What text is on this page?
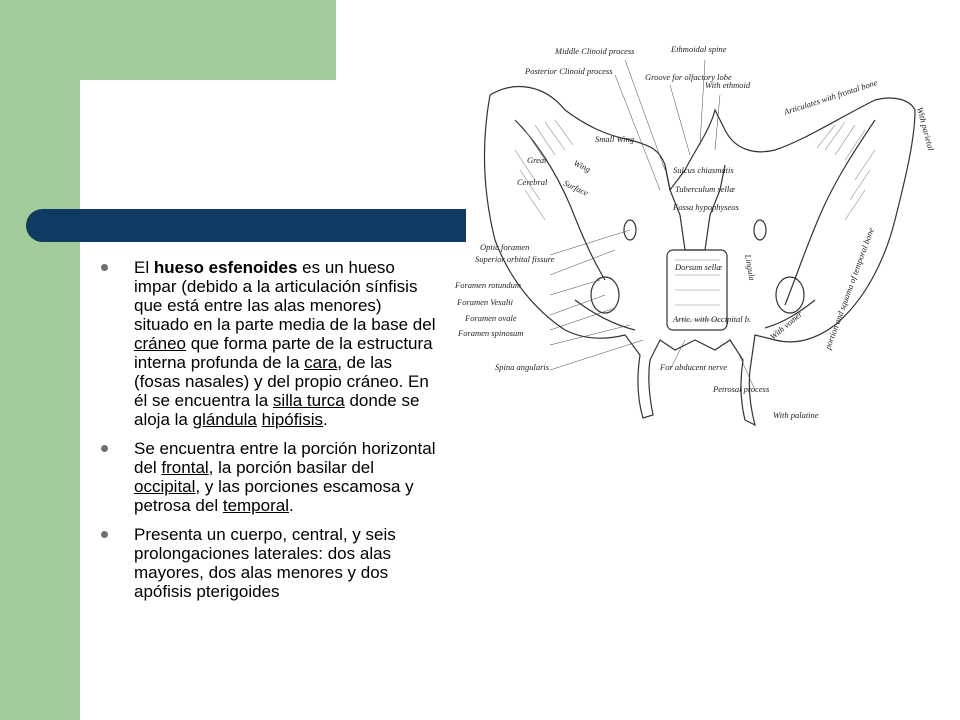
El hueso esfenoides es un hueso impar (debido a la articulación sínfisis que está entre las alas menores) situado en la parte media de la base del cráneo que forma parte de la estructura interna profunda de la cara, de las (fosas nasales) y del propio cráneo. En él se encuentra la silla turca donde se aloja la glándula hipófisis.
Se encuentra entre la porción horizontal del frontal, la porción basilar del occipital, y las porciones escamosa y petrosa del temporal.
Presenta un cuerpo, central, y seis prolongaciones laterales: dos alas mayores, dos alas menores y dos apófisis pterigoides
Middle Clinoid process
Posterior Clinoid process
Ethmoidal spine
Groove for olfactory lobe
With ethmoid	Articulates with frontal bone
With parietal
Small Wing
Great	Wing
Cerebral Surface
Sulcus chiasmatis
Tuberculum sellæ
Fossa hypophyseos
Optic foramen
Superior orbital fissure
Foramen rotundum
Foramen Vesalii
Foramen ovale
Foramen spinosum
Dorsum sellæ Lingula
Artic. with Occipital b.
Spina angularis	For abducent nerve
Petrosal process
With palatine
portion and squama of temporal bone
With vomer
